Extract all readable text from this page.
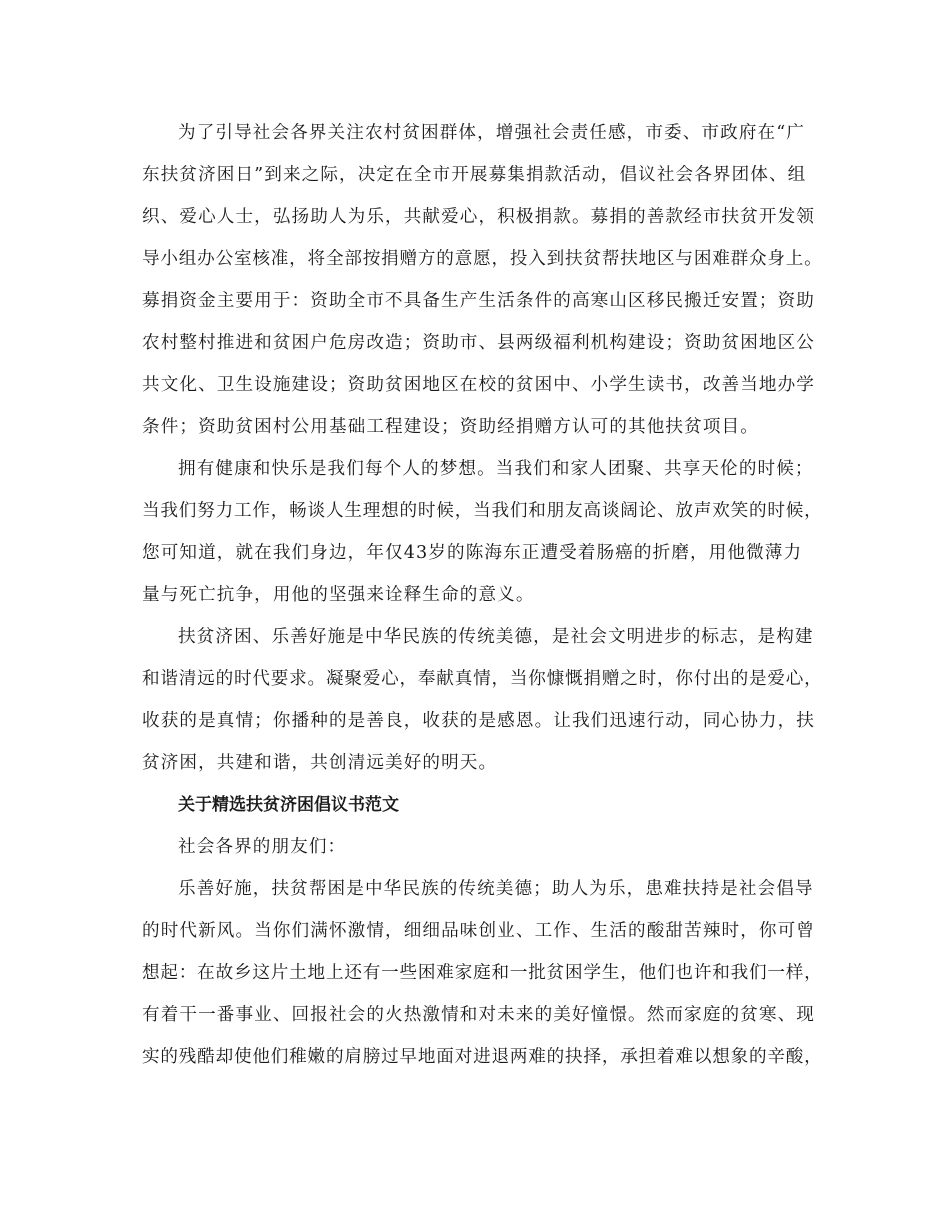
为了引导社会各界关注农村贫困群体，增强社会责任感，市委、市政府在“广
东扶贫济困日”到来之际，决定在全市开展募集捐款活动，倡议社会各界团体、组
织、爱心人士，弘扬助人为乐，共献爱心，积极捐款。募捐的善款经市扶贫开发领
导小组办公室核准，将全部按捐赠方的意愿，投入到扶贫帮扶地区与困难群众身上。
募捐资金主要用于：资助全市不具备生产生活条件的高寒山区移民搬迁安置；资助
农村整村推进和贫困户危房改造；资助市、县两级福利机构建设；资助贫困地区公
共文化、卫生设施建设；资助贫困地区在校的贫困中、小学生读书，改善当地办学
条件；资助贫困村公用基础工程建设；资助经捐赠方认可的其他扶贫项目。
拥有健康和快乐是我们每个人的梦想。当我们和家人团聚、共享天伦的时候；
当我们努力工作，畅谈人生理想的时候，当我们和朋友高谈阔论、放声欢笑的时候，
您可知道，就在我们身边，年仅43岁的陈海东正遭受着肠癌的折磨，用他微薄力
量与死亡抗争，用他的坚强来诠释生命的意义。
扶贫济困、乐善好施是中华民族的传统美德，是社会文明进步的标志，是构建
和谐清远的时代要求。凝聚爱心，奉献真情，当你慷慨捐赠之时，你付出的是爱心，
收获的是真情；你播种的是善良，收获的是感恩。让我们迅速行动，同心协力，扶
贫济困，共建和谐，共创清远美好的明天。
关于精选扶贫济困倡议书范文
社会各界的朋友们：
乐善好施，扶贫帮困是中华民族的传统美德；助人为乐，患难扶持是社会倡导
的时代新风。当你们满怀激情，细细品味创业、工作、生活的酸甜苦辣时，你可曾
想起：在故乡这片土地上还有一些困难家庭和一批贫困学生，他们也许和我们一样，
有着干一番事业、回报社会的火热激情和对未来的美好憧憬。然而家庭的贫寒、现
实的残酷却使他们稚嫩的肩膀过早地面对进退两难的抉择，承担着难以想象的辛酸，
